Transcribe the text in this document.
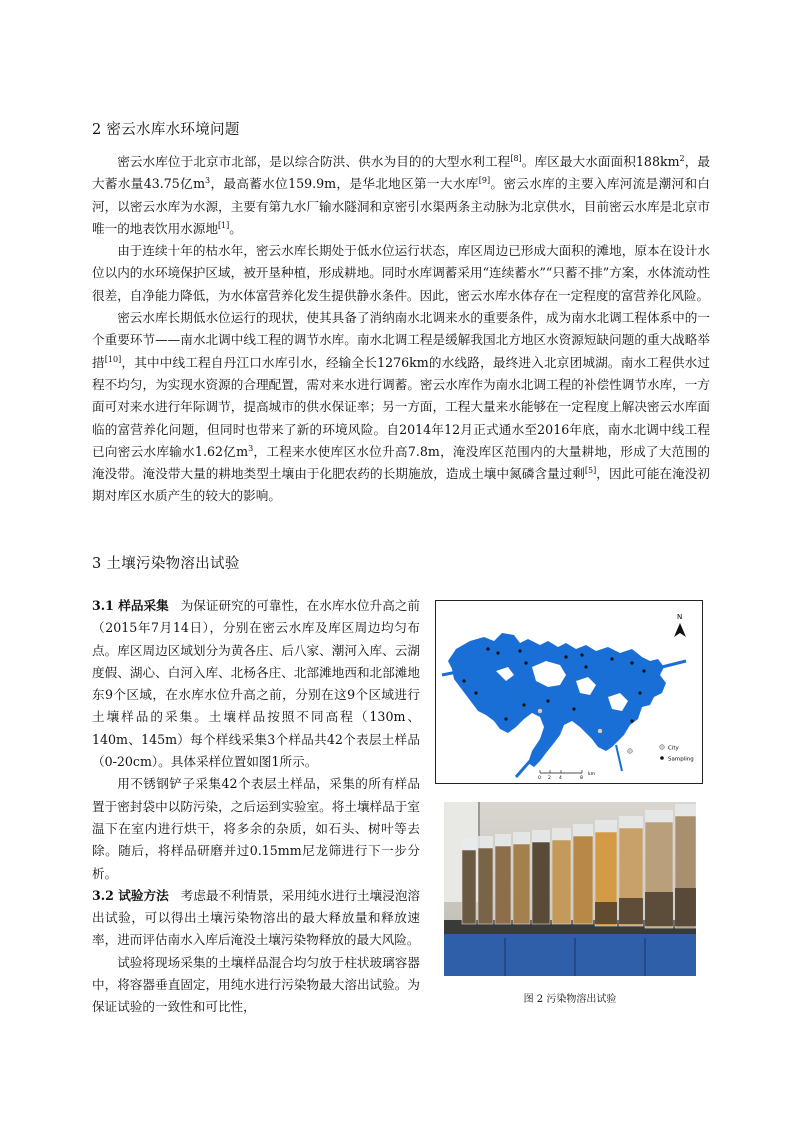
2 密云水库水环境问题

密云水库位于北京市北部，是以综合防洪、供水为目的的大型水利工程[8]。库区最大水面面积$188km^2$，最大蓄水量43.75亿$m^3$，最高蓄水位159.9m，是华北地区第一大水库[9]。密云水库的主要入库河流是潮河和白河，以密云水库为水源，主要有第九水厂输水隧洞和京密引水渠两条主动脉为北京供水，目前密云水库是北京市唯一的地表饮用水源地[1]。

由于连续十年的枯水年，密云水库长期处于低水位运行状态，库区周边已形成大面积的滩地，原本在设计水位以内的水环境保护区域，被开垦种植，形成耕地。同时水库调蓄采用“连续蓄水”“只蓄不排”方案，水体流动性很差，自净能力降低，为水体富营养化发生提供静水条件。因此，密云水库水体存在一定程度的富营养化风险。

密云水库长期低水位运行的现状，使其具备了消纳南水北调来水的重要条件，成为南水北调工程体系中的一个重要环节——南水北调中线工程的调节水库。南水北调工程是缓解我国北方地区水资源短缺问题的重大战略举措[10]，其中中线工程自丹江口水库引水，经输全长1276km的水线路，最终进入北京团城湖。南水工程供水过程不均匀，为实现水资源的合理配置，需对来水进行调蓄。密云水库作为南水北调工程的补偿性调节水库，一方面可对来水进行年际调节，提高城市的供水保证率；另一方面，工程大量来水能够在一定程度上解决密云水库面临的富营养化问题，但同时也带来了新的环境风险。自2014年12月正式通水至2016年底，南水北调中线工程已向密云水库输水1.62亿$m^3$，工程来水使库区水位升高7.8m，淹没库区范围内的大量耕地，形成了大范围的淹没带。淹没带大量的耕地类型土壤由于化肥农药的长期施放，造成土壤中氮磷含量过剩[5]，因此可能在淹没初期对库区水质产生的较大的影响。

3 土壤污染物溶出试验

3.1 样品采集 为保证研究的可靠性，在水库水位升高之前（2015年7月14日），分别在密云水库及库区周边均匀布点。库区周边区域划分为黄各庄、后八家、潮河入库、云湖度假、湖心、白河入库、北杨各庄、北部滩地西和北部滩地东9个区域，在水库水位升高之前，分别在这9个区域进行土壤样品的采集。土壤样品按照不同高程（130m、140m、145m）每个样线采集3个样品共42个表层土样品（0-20cm）。具体采样位置如图1所示。

用不锈钢铲子采集42个表层土样品，采集的所有样品置于密封袋中以防污染，之后运到实验室。将土壤样品于室温下在室内进行烘干，将多余的杂质，如石头、树叶等去除。随后，将样品研磨并过0.15mm尼龙筛进行下一步分析。

3.2 试验方法 考虑最不利情景，采用纯水进行土壤浸泡溶出试验，可以得出土壤污染物溶出的最大释放量和释放速率，进而评估南水入库后淹没土壤污染物释放的最大风险。

试验将现场采集的土壤样品混合均匀放于柱状玻璃容器中，将容器垂直固定，用纯水进行污染物最大溶出试验。为保证试验的一致性和可比性，

N
City
Sampling
0 2 4	8
km
图 2 污染物溶出试验
